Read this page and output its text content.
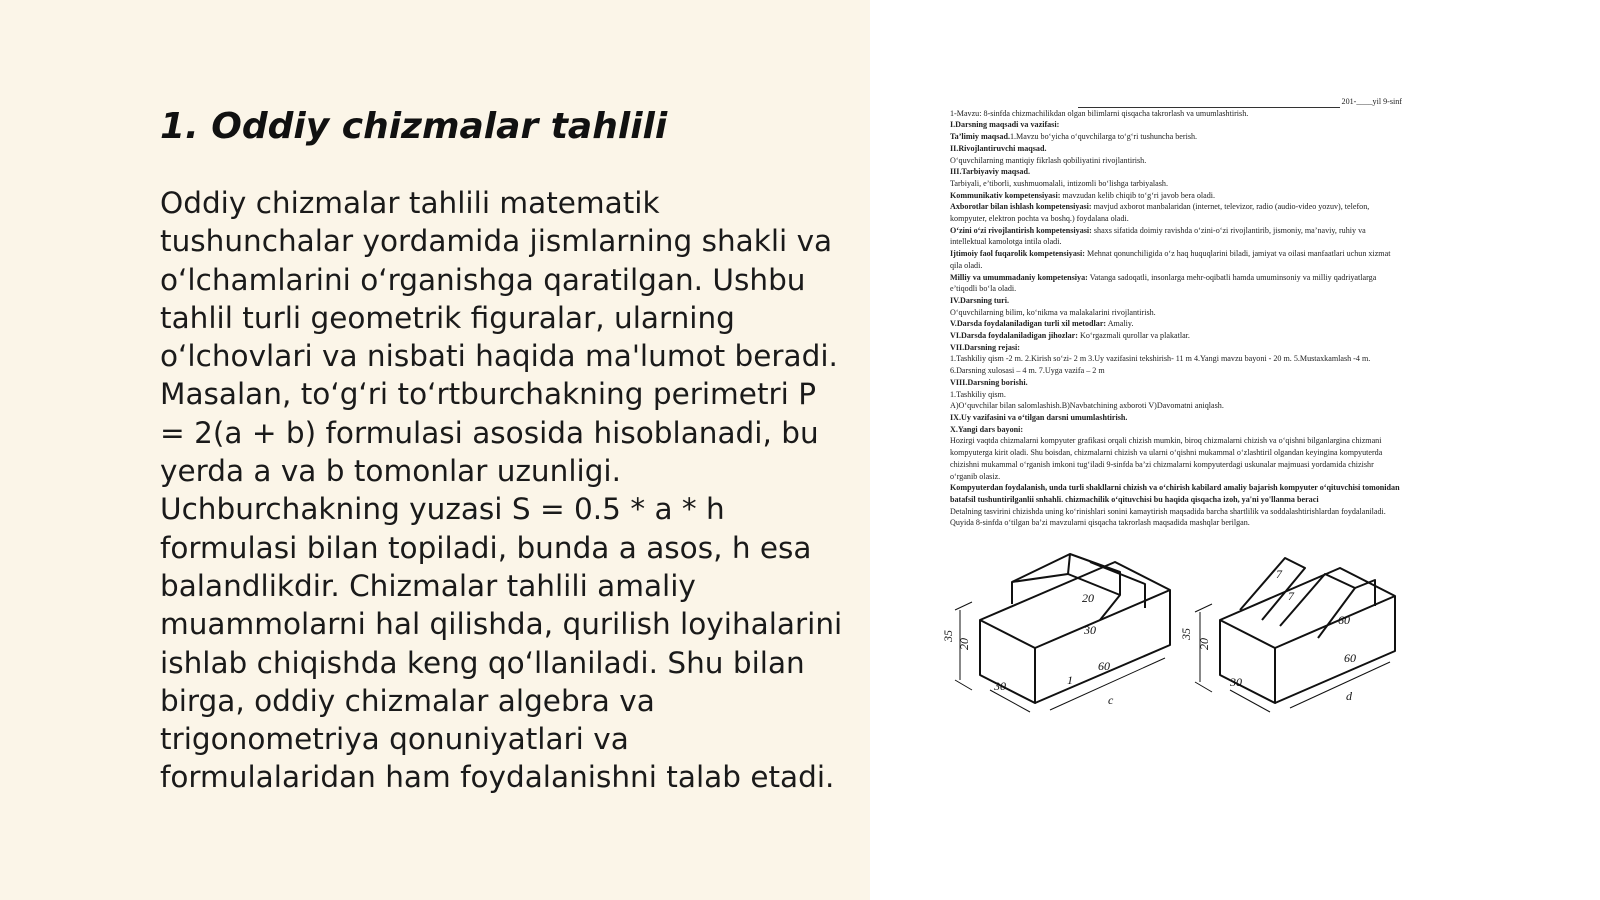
1. Oddiy chizmalar tahlili

Oddiy chizmalar tahlili matematik tushunchalar yordamida jismlarning shakli va o‘lchamlarini o‘rganishga qaratilgan. Ushbu tahlil turli geometrik figuralar, ularning o‘lchovlari va nisbati haqida ma'lumot beradi. Masalan, to‘g‘ri to‘rtburchakning perimetri P = 2(a + b) formulasi asosida hisoblanadi, bu yerda a va b tomonlar uzunligi. Uchburchakning yuzasi S = 0.5 * a * h formulasi bilan topiladi, bunda a asos, h esa balandlikdir. Chizmalar tahlili amaliy muammolarni hal qilishda, qurilish loyihalarini ishlab chiqishda keng qo‘llaniladi. Shu bilan birga, oddiy chizmalar algebra va trigonometriya qonuniyatlari va formulalaridan ham foydalanishni talab etadi.

201-____yil 9-sinf
1-Mavzu: 8-sinfda chizmachilikdan olgan bilimlarni qisqacha takrorlash va umumlashtirish.
I.Darsning maqsadi va vazifasi:
Ta’limiy maqsad.1.Mavzu bo‘yicha o‘quvchilarga to‘g‘ri tushuncha berish.
II.Rivojlantiruvchi maqsad.
O‘quvchilarning mantiqiy fikrlash qobiliyatini rivojlantirish.
III.Tarbiyaviy maqsad.
Tarbiyali, e’tiborli, xushmuomalali, intizomli bo‘lishga tarbiyalash.
Kommunikativ kompetensiyasi: mavzudan kelib chiqib to‘g‘ri javob bera oladi.
Axborotlar bilan ishlash kompetensiyasi: mavjud axborot manbalaridan (internet, televizor, radio (audio-video yozuv), telefon, kompyuter, elektron pochta va boshq.) foydalana oladi.
O‘zini o‘zi rivojlantirish kompetensiyasi: shaxs sifatida doimiy ravishda o‘zini-o‘zi rivojlantirib, jismoniy, ma’naviy, ruhiy va intellektual kamolotga intila oladi.
Ijtimoiy faol fuqarolik kompetensiyasi: Mehnat qonunchiligida o‘z haq huquqlarini biladi, jamiyat va oilasi manfaatlari uchun xizmat qila oladi.
Milliy va umummadaniy kompetensiya: Vatanga sadoqatli, insonlarga mehr-oqibatli hamda umuminsoniy va milliy qadriyatlarga e’tiqodli bo‘la oladi.
IV.Darsning turi.
O‘quvchilarning bilim, ko‘nikma va malakalarini rivojlantirish.
V.Darsda foydalaniladigan turli xil metodlar: Amaliy.
VI.Darsda foydalaniladigan jihozlar: Ko‘rgazmali qurollar va plakatlar.
VII.Darsning rejasi:
1.Tashkiliy qism -2 m. 2.Kirish so‘zi- 2 m 3.Uy vazifasini tekshirish- 11 m 4.Yangi mavzu bayoni - 20 m. 5.Mustaxkamlash -4 m. 6.Darsning xulosasi – 4 m. 7.Uyga vazifa – 2 m
VIII.Darsning borishi.
1.Tashkiliy qism.
A)O‘quvchilar bilan salomlashish.B)Navbatchining axboroti V)Davomatni aniqlash.
IX.Uy vazifasini va o‘tilgan darsni umumlashtirish.
X.Yangi dars bayoni:
Hozirgi vaqtda chizmalarni kompyuter grafikasi orqali chizish mumkin, biroq chizmalarni chizish va o‘qishni bilganlargina chizmani kompyuterga kirit oladi. Shu boisdan, chizmalarni chizish va ularni o‘qishni mukammal o‘zlashtiril olgandan keyingina kompyuterda chizishni mukammal o‘rganish imkoni tug‘iladi 9-sinfda ba’zi chizmalarni kompyuterdagi uskunalar majmuasi yordamida chizishr o‘rganib olasiz.
Kompyuterdan foydalanish, unda turli shakllarni chizish va o‘chirish kabilard amaliy bajarish kompyuter o‘qituvchisi tomonidan batafsil tushuntirilganlii snhahli. chizmachilik o‘qituvchisi bu haqida qisqacha izoh, ya'ni yo'llanma beraci
Detalning tasvirini chizishda uning ko‘rinishlari sonini kamaytirish maqsadida barcha shartlilik va soddalashtirishlardan foydalaniladi.
Quyida 8-sinfda o‘tilgan ba’zi mavzularni qisqacha takrorlash maqsadida mashqlar berilgan.
35
20
20
30
60
30	1
c
35
20
7
7
60
60
30
d
